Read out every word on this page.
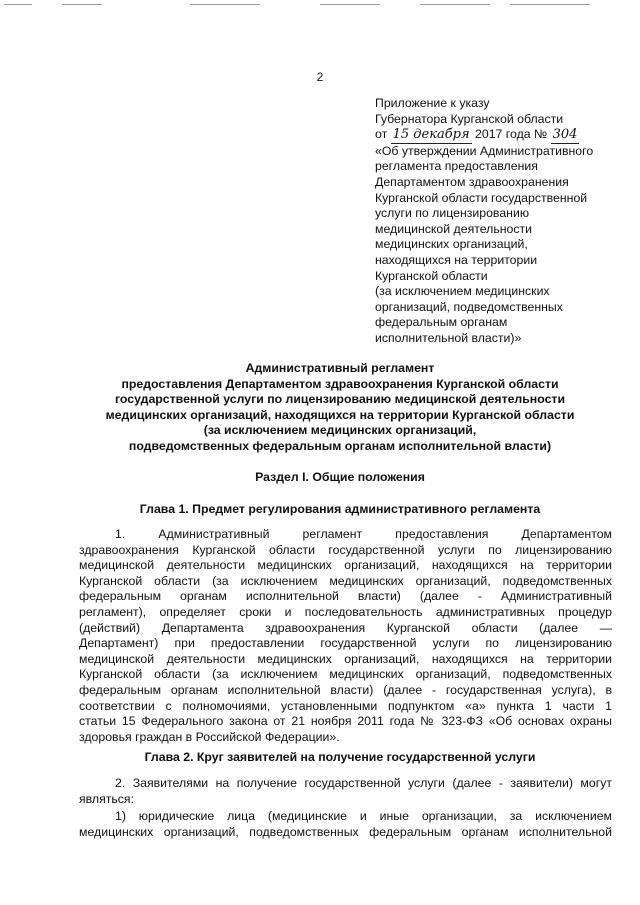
2
Приложение к указу
Губернатора Курганской области
от 15 декабря 2017 года № 304
«Об утверждении Административного
регламента предоставления
Департаментом здравоохранения
Курганской области государственной
услуги по лицензированию
медицинской деятельности
медицинских организаций,
находящихся на территории
Курганской области
(за исключением медицинских
организаций, подведомственных
федеральным органам
исполнительной власти)»
Административный регламент
предоставления Департаментом здравоохранения Курганской области
государственной услуги по лицензированию медицинской деятельности
медицинских организаций, находящихся на территории Курганской области
(за исключением медицинских организаций,
подведомственных федеральным органам исполнительной власти)
Раздел I. Общие положения
Глава 1. Предмет регулирования административного регламента
1. Административный регламент предоставления Департаментом
здравоохранения Курганской области государственной услуги по лицензированию
медицинской деятельности медицинских организаций, находящихся на территории
Курганской области (за исключением медицинских организаций, подведомственных
федеральным органам исполнительной власти) (далее - Административный
регламент), определяет сроки и последовательность административных процедур
(действий) Департамента здравоохранения Курганской области (далее —
Департамент) при предоставлении государственной услуги по лицензированию
медицинской деятельности медицинских организаций, находящихся на территории
Курганской области (за исключением медицинских организаций, подведомственных
федеральным органам исполнительной власти) (далее - государственная услуга), в
соответствии с полномочиями, установленными подпунктом «а» пункта 1 части 1
статьи 15 Федерального закона от 21 ноября 2011 года № 323-ФЗ «Об основах охраны
здоровья граждан в Российской Федерации».
Глава 2. Круг заявителей на получение государственной услуги
2. Заявителями на получение государственной услуги (далее - заявители) могут
являться:
1) юридические лица (медицинские и иные организации, за исключением
медицинских организаций, подведомственных федеральным органам исполнительной
